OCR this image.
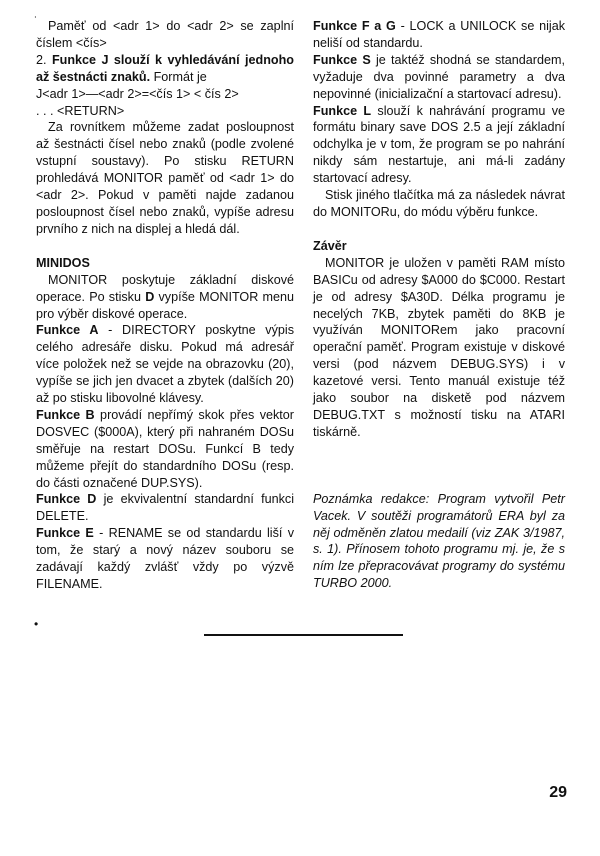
˙ Paměť od <adr 1> do <adr 2> se zaplní číslem <čís>

2. Funkce J slouží k vyhledávání jednoho až šestnácti znaků. Formát je

J<adr 1>—<adr 2>=<čís 1> < čís 2>

. . . <RETURN>

Za rovnítkem můžeme zadat posloupnost až šestnácti čísel nebo znaků (podle zvolené vstupní soustavy). Po stisku RETURN prohledává MONITOR paměť od <adr 1> do <adr 2>. Pokud v paměti najde zadanou posloupnost čísel nebo znaků, vypíše adresu prvního z nich na displej a hledá dál.

MINIDOS

MONITOR poskytuje základní diskové operace. Po stisku D vypíše MONITOR menu pro výběr diskové operace.

Funkce A - DIRECTORY poskytne výpis celého adresáře disku. Pokud má adresář více položek než se vejde na obrazovku (20), vypíše se jich jen dvacet a zbytek (dalších 20) až po stisku libovolné klávesy.

Funkce B provádí nepřímý skok přes vektor DOSVEC ($000A), který při nahraném DOSu směřuje na restart DOSu. Funkcí B tedy můžeme přejít do standardního DOSu (resp. do části označené DUP.SYS).

Funkce D je ekvivalentní standardní funkci DELETE.

Funkce E - RENAME se od standardu liší v tom, že starý a nový název souboru se zadávají každý zvlášť vždy po výzvě FILENAME.

•

Funkce F a G - LOCK a UNILOCK se nijak neliší od standardu.

Funkce S je taktéž shodná se standardem, vyžaduje dva povinné parametry a dva nepovinné (inicializační a startovací adresu).

Funkce L slouží k nahrávání programu ve formátu binary save DOS 2.5 a její základní odchylka je v tom, že program se po nahrání nikdy sám nestartuje, ani má-li zadány startovací adresy.

Stisk jiného tlačítka má za následek návrat do MONITORu, do módu výběru funkce.

Závěr

MONITOR je uložen v paměti RAM místo BASICu od adresy $A000 do $C000. Restart je od adresy $A30D. Délka programu je necelých 7KB, zbytek paměti do 8KB je využíván MONITORem jako pracovní operační paměť. Program existuje v diskové versi (pod názvem DEBUG.SYS) i v kazetové versi. Tento manuál existuje též jako soubor na disketě pod názvem DEBUG.TXT s možností tisku na ATARI tiskárně.

Poznámka redakce: Program vytvořil Petr Vacek. V soutěži programátorů ERA byl za něj odměněn zlatou medailí (viz ZAK 3/1987, s. 1). Přínosem tohoto programu mj. je, že s ním lze přepracovávat programy do systému TURBO 2000.

29
